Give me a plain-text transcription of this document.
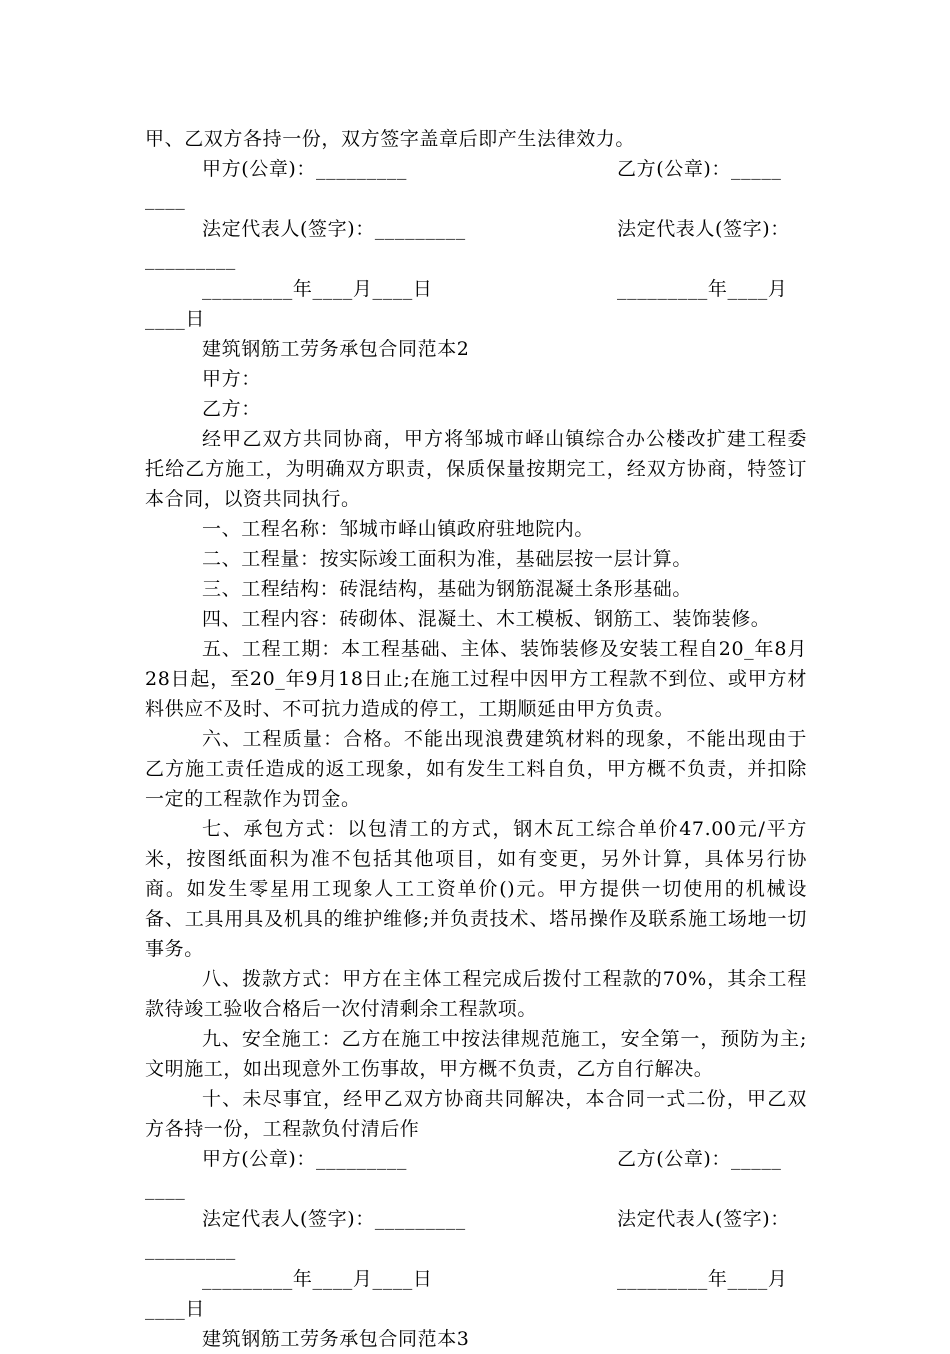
甲、乙双方各持一份，双方签字盖章后即产生法律效力。
甲方(公章)：_________	乙方(公章)：_____
____
法定代表人(签字)：_________	法定代表人(签字)：
_________
_________年____月____日	_________年____月
____日
建筑钢筋工劳务承包合同范本2
甲方：
乙方：
经甲乙双方共同协商，甲方将邹城市峄山镇综合办公楼改扩建工程委托给乙方施工，为明确双方职责，保质保量按期完工，经双方协商，特签订本合同，以资共同执行。
一、工程名称：邹城市峄山镇政府驻地院内。
二、工程量：按实际竣工面积为准，基础层按一层计算。
三、工程结构：砖混结构，基础为钢筋混凝土条形基础。
四、工程内容：砖砌体、混凝土、木工模板、钢筋工、装饰装修。
五、工程工期：本工程基础、主体、装饰装修及安装工程自20_年8月28日起，至20_年9月18日止;在施工过程中因甲方工程款不到位、或甲方材料供应不及时、不可抗力造成的停工，工期顺延由甲方负责。
六、工程质量：合格。不能出现浪费建筑材料的现象，不能出现由于乙方施工责任造成的返工现象，如有发生工料自负，甲方概不负责，并扣除一定的工程款作为罚金。
七、承包方式：以包清工的方式，钢木瓦工综合单价47.00元/平方米，按图纸面积为准不包括其他项目，如有变更，另外计算，具体另行协商。如发生零星用工现象人工工资单价()元。甲方提供一切使用的机械设备、工具用具及机具的维护维修;并负责技术、塔吊操作及联系施工场地一切事务。
八、拨款方式：甲方在主体工程完成后拨付工程款的70%，其余工程款待竣工验收合格后一次付清剩余工程款项。
九、安全施工：乙方在施工中按法律规范施工，安全第一，预防为主;文明施工，如出现意外工伤事故，甲方概不负责，乙方自行解决。
十、未尽事宜，经甲乙双方协商共同解决，本合同一式二份，甲乙双方各持一份，工程款负付清后作
甲方(公章)：_________	乙方(公章)：_____
____
法定代表人(签字)：_________	法定代表人(签字)：
_________
_________年____月____日	_________年____月
____日
建筑钢筋工劳务承包合同范本3
